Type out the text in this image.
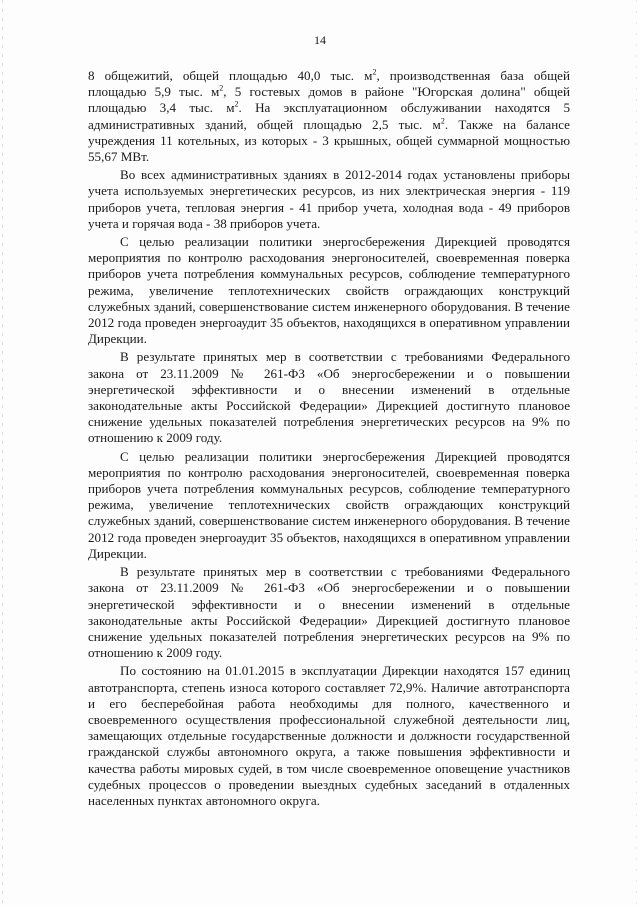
14

8 общежитий, общей площадью 40,0 тыс. $м^2$, производственная база общей площадью 5,9 тыс. $м^2$, 5 гостевых домов в районе "Югорская долина" общей площадью 3,4 тыс. $м^2$. На эксплуатационном обслуживании находятся 5 административных зданий, общей площадью 2,5 тыс. $м^2$. Также на балансе учреждения 11 котельных, из которых - 3 крышных, общей суммарной мощностью 55,67 МВт.

Во всех административных зданиях в 2012-2014 годах установлены приборы учета используемых энергетических ресурсов, из них электрическая энергия - 119 приборов учета, тепловая энергия - 41 прибор учета, холодная вода - 49 приборов учета и горячая вода - 38 приборов учета.

С целью реализации политики энергосбережения Дирекцией проводятся мероприятия по контролю расходования энергоносителей, своевременная поверка приборов учета потребления коммунальных ресурсов, соблюдение температурного режима, увеличение теплотехнических свойств ограждающих конструкций служебных зданий, совершенствование систем инженерного оборудования. В течение 2012 года проведен энергоаудит 35 объектов, находящихся в оперативном управлении Дирекции.

В результате принятых мер в соответствии с требованиями Федерального закона от 23.11.2009 № 261-ФЗ «Об энергосбережении и о повышении энергетической эффективности и о внесении изменений в отдельные законодательные акты Российской Федерации» Дирекцией достигнуто плановое снижение удельных показателей потребления энергетических ресурсов на 9% по отношению к 2009 году.

С целью реализации политики энергосбережения Дирекцией проводятся мероприятия по контролю расходования энергоносителей, своевременная поверка приборов учета потребления коммунальных ресурсов, соблюдение температурного режима, увеличение теплотехнических свойств ограждающих конструкций служебных зданий, совершенствование систем инженерного оборудования. В течение 2012 года проведен энергоаудит 35 объектов, находящихся в оперативном управлении Дирекции.

В результате принятых мер в соответствии с требованиями Федерального закона от 23.11.2009 № 261-ФЗ «Об энергосбережении и о повышении энергетической эффективности и о внесении изменений в отдельные законодательные акты Российской Федерации» Дирекцией достигнуто плановое снижение удельных показателей потребления энергетических ресурсов на 9% по отношению к 2009 году.

По состоянию на 01.01.2015 в эксплуатации Дирекции находятся 157 единиц автотранспорта, степень износа которого составляет 72,9%. Наличие автотранспорта и его бесперебойная работа необходимы для полного, качественного и своевременного осуществления профессиональной служебной деятельности лиц, замещающих отдельные государственные должности и должности государственной гражданской службы автономного округа, а также повышения эффективности и качества работы мировых судей, в том числе своевременное оповещение участников судебных процессов о проведении выездных судебных заседаний в отдаленных населенных пунктах автономного округа.
